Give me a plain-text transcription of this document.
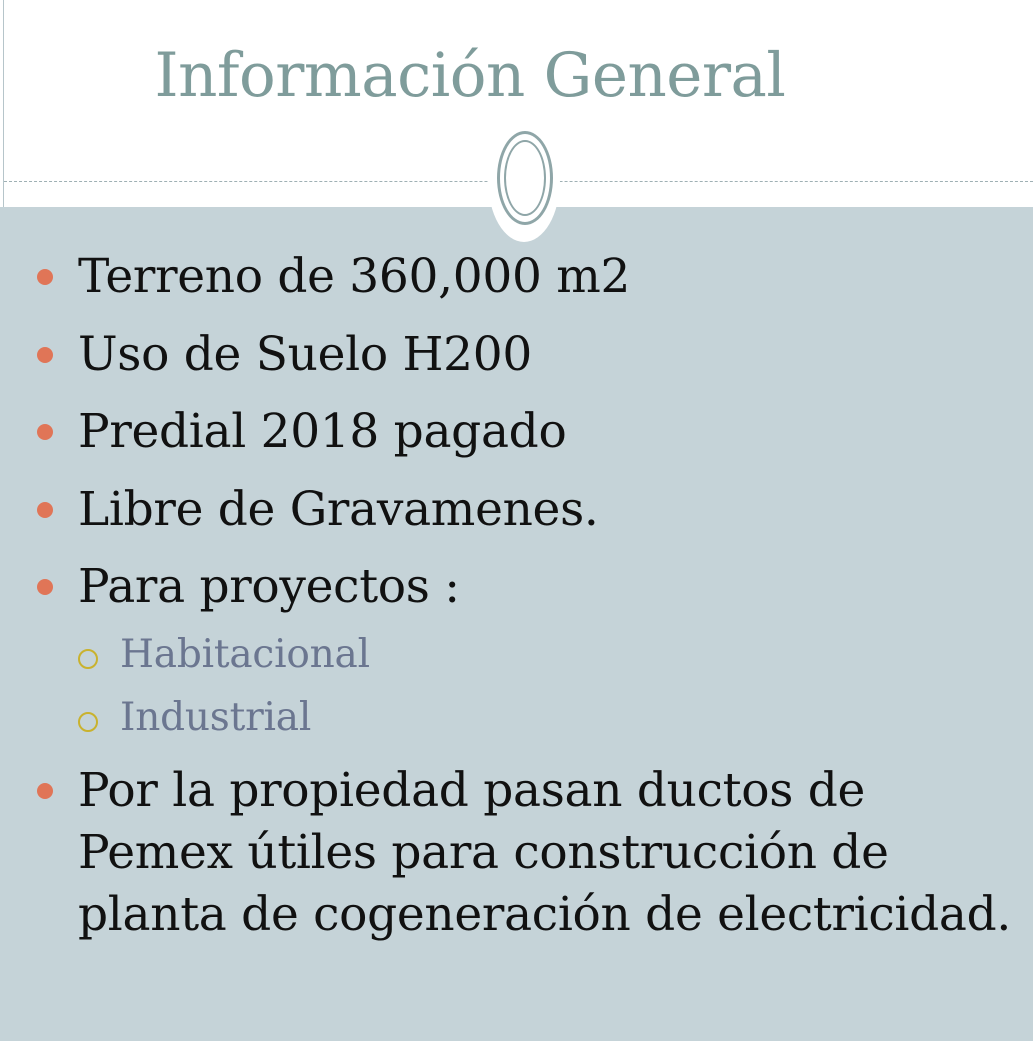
Información General
Terreno de 360,000 m2
Uso de Suelo H200
Predial 2018 pagado
Libre de Gravamenes.
Para proyectos :
Habitacional
Industrial
Por la propiedad pasan ductos de
Pemex útiles para construcción de
planta de cogeneración de electricidad.
